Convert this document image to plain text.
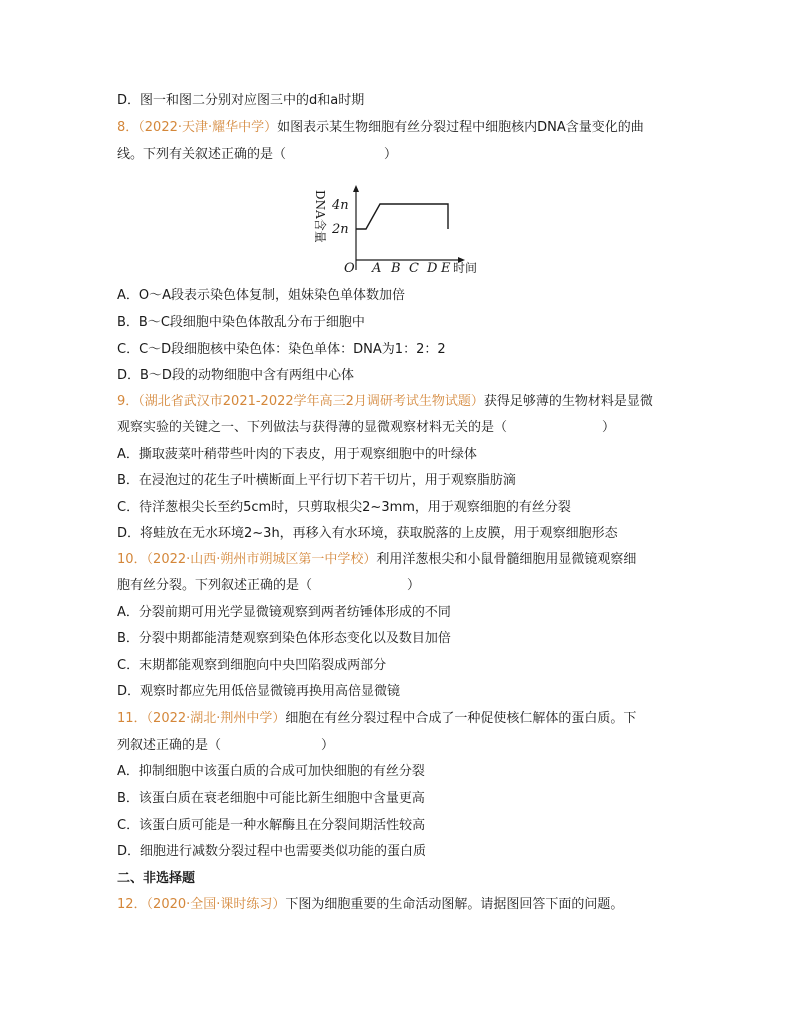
D．图一和图二分别对应图三中的d和a时期
8．（2022·天津·耀华中学）如图表示某生物细胞有丝分裂过程中细胞核内DNA含量变化的曲
线。下列有关叙述正确的是（	）
DNA含量 4n
2n
O A B C D E 时间
A．O～A段表示染色体复制，姐妹染色单体数加倍
B．B～C段细胞中染色体散乱分布于细胞中
C．C～D段细胞核中染色体：染色单体：DNA为1：2：2
D．B～D段的动物细胞中含有两组中心体
9．（湖北省武汉市2021-2022学年高三2月调研考试生物试题）获得足够薄的生物材料是显微
观察实验的关键之一、下列做法与获得薄的显微观察材料无关的是（	）
A．撕取菠菜叶稍带些叶肉的下表皮，用于观察细胞中的叶绿体
B．在浸泡过的花生子叶横断面上平行切下若干切片，用于观察脂肪滴
C．待洋葱根尖长至约5cm时，只剪取根尖2~3mm，用于观察细胞的有丝分裂
D．将蛙放在无水环境2~3h，再移入有水环境，获取脱落的上皮膜，用于观察细胞形态
10．（2022·山西·朔州市朔城区第一中学校）利用洋葱根尖和小鼠骨髓细胞用显微镜观察细
胞有丝分裂。下列叙述正确的是（	）
A．分裂前期可用光学显微镜观察到两者纺锤体形成的不同
B．分裂中期都能清楚观察到染色体形态变化以及数目加倍
C．末期都能观察到细胞向中央凹陷裂成两部分
D．观察时都应先用低倍显微镜再换用高倍显微镜
11．（2022·湖北·荆州中学）细胞在有丝分裂过程中合成了一种促使核仁解体的蛋白质。下
列叙述正确的是（	）
A．抑制细胞中该蛋白质的合成可加快细胞的有丝分裂
B．该蛋白质在衰老细胞中可能比新生细胞中含量更高
C．该蛋白质可能是一种水解酶且在分裂间期活性较高
D．细胞进行减数分裂过程中也需要类似功能的蛋白质
二、非选择题
12．（2020·全国·课时练习）下图为细胞重要的生命活动图解。请据图回答下面的问题。
